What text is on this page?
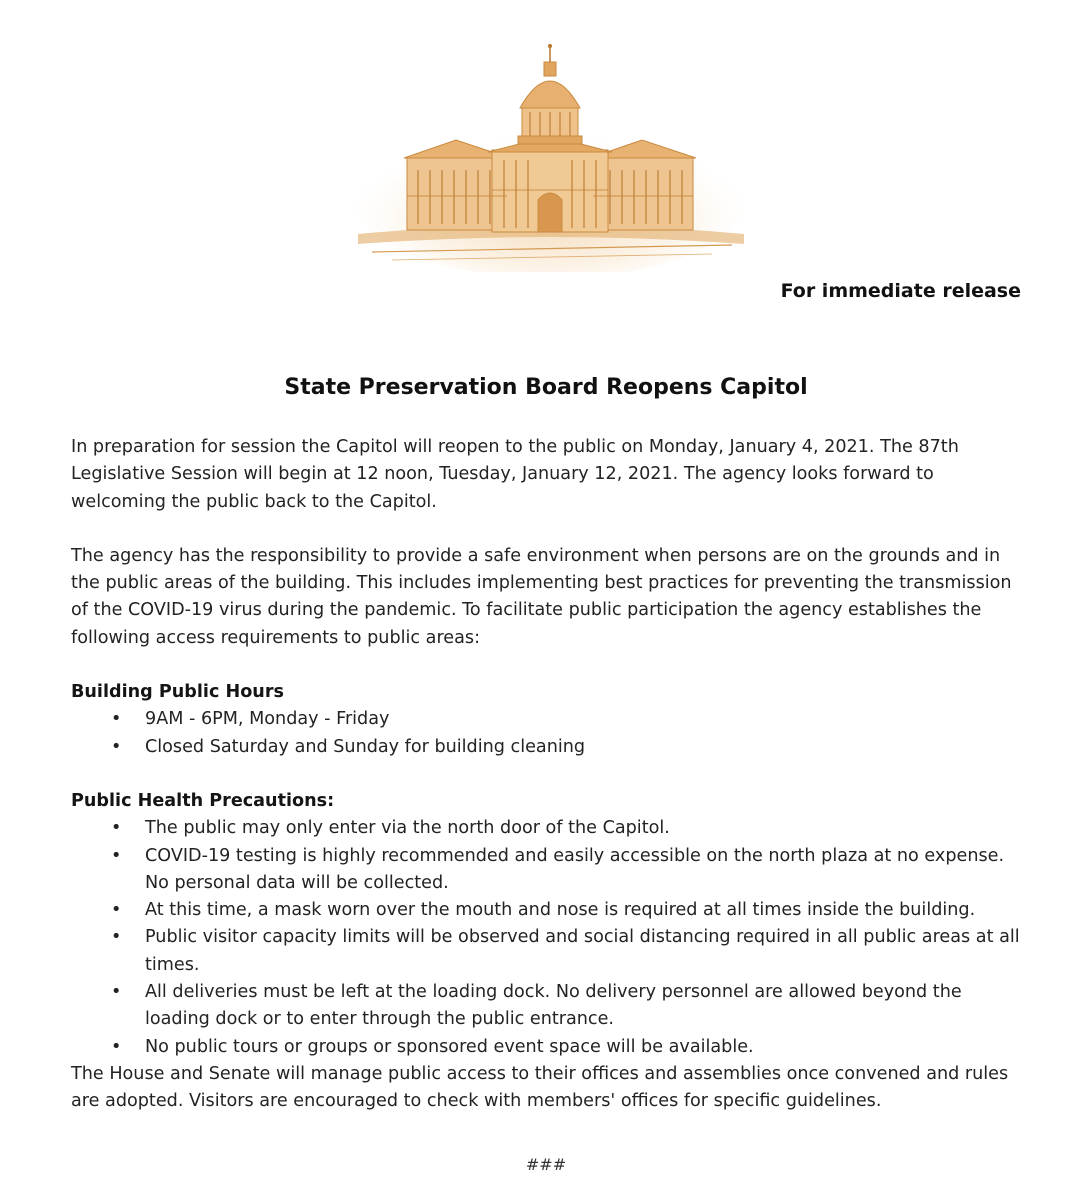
For immediate release
State Preservation Board Reopens Capitol

In preparation for session the Capitol will reopen to the public on Monday, January 4, 2021. The 87th Legislative Session will begin at 12 noon, Tuesday, January 12, 2021. The agency looks forward to welcoming the public back to the Capitol.

The agency has the responsibility to provide a safe environment when persons are on the grounds and in the public areas of the building. This includes implementing best practices for preventing the transmission of the COVID-19 virus during the pandemic. To facilitate public participation the agency establishes the following access requirements to public areas:

Building Public Hours
• 9AM - 6PM, Monday - Friday
• Closed Saturday and Sunday for building cleaning
Public Health Precautions:
• The public may only enter via the north door of the Capitol.
• COVID-19 testing is highly recommended and easily accessible on the north plaza at no expense. No personal data will be collected.
• At this time, a mask worn over the mouth and nose is required at all times inside the building.
• Public visitor capacity limits will be observed and social distancing required in all public areas at all times.
• All deliveries must be left at the loading dock. No delivery personnel are allowed beyond the loading dock or to enter through the public entrance.
• No public tours or groups or sponsored event space will be available.

The House and Senate will manage public access to their offices and assemblies once convened and rules are adopted. Visitors are encouraged to check with members' offices for specific guidelines.

###
